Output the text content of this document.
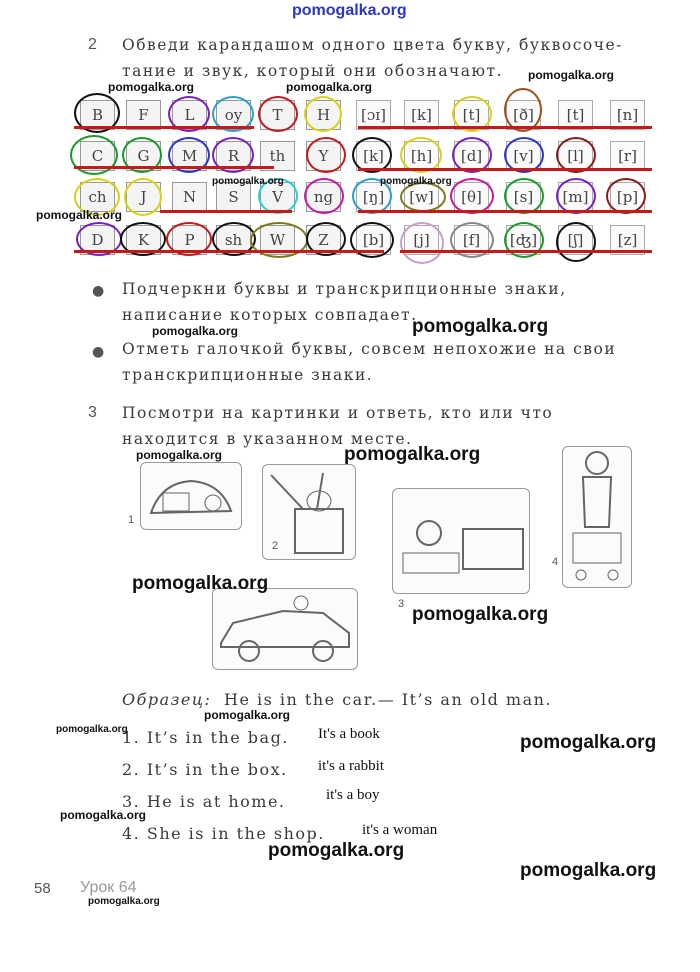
pomogalka.org
2 Обведи карандашом одного цвета букву, буквосоче-
тание и звук, который они обозначают.
B	F	L	oy	T	H	[ɔɪ]	[k]	[t]	[ð]	[t]	[n]
C	G	M	R	th	Y	[k]	[h]	[d]	[v]	[l]	[r]
ch	J	N	S	V	ng	[ŋ]	[w]	[θ]	[s]	[m]	[p]
D	K	P	sh	W	Z	[b]	[j]	[f]	[ʤ]	[ʃ]	[z]
● Подчеркни буквы и транскрипционные знаки,
написание которых совпадает.
● Отметь галочкой буквы, совсем непохожие на свои
транскрипционные знаки.
3 Посмотри на картинки и ответь, кто или что
находится в указанном месте.
1
2
3
4
Образец: He is in the car.— It’s an old man.
1. It’s in the bag. It's a book
2. It’s in the box. it's a rabbit
3. He is at home.	it's a boy
4. She is in the shop. it's a woman
58 Урок 64
pomogalka.org	pomogalka.org
pomogalka.org
pomogalka.org	pomogalka.org
pomogalka.org
pomogalka.org	pomogalka.org
pomogalka.org	pomogalka.org
pomogalka.org
pomogalka.org
pomogalka.org
pomogalka.org
pomogalka.org
pomogalka.org
pomogalka.org
pomogalka.org
pomogalka.org
